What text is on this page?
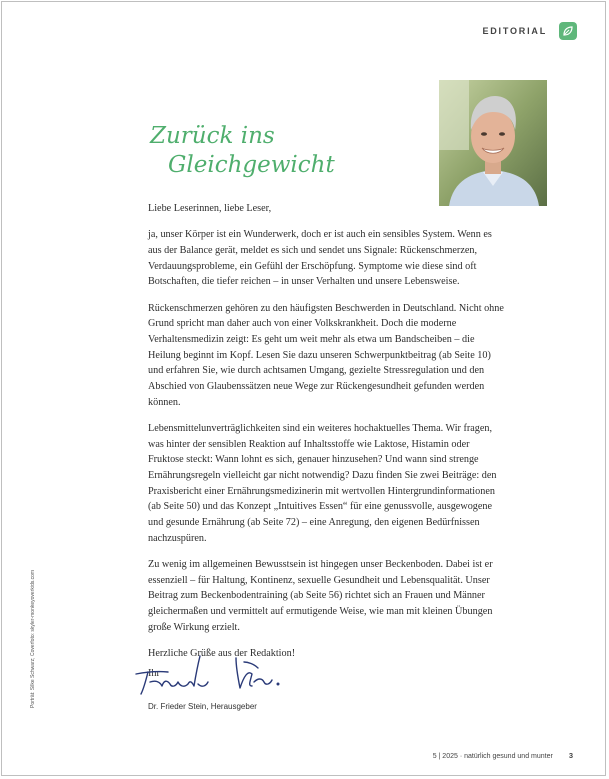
EDITORIAL
Zurück ins
Gleichgewicht

Liebe Leserinnen, liebe Leser,

ja, unser Körper ist ein Wunderwerk, doch er ist auch ein sensibles System. Wenn es aus der Balance gerät, meldet es sich und sendet uns Signale: Rückenschmerzen, Verdauungsprobleme, ein Gefühl der Erschöpfung. Symptome wie diese sind oft Botschaften, die tiefer reichen – in unser Verhalten und unsere Lebensweise.

Rückenschmerzen gehören zu den häufigsten Beschwerden in Deutschland. Nicht ohne Grund spricht man daher auch von einer Volkskrankheit. Doch die moderne Verhaltensmedizin zeigt: Es geht um weit mehr als etwa um Bandscheiben – die Heilung beginnt im Kopf. Lesen Sie dazu unseren Schwerpunktbeitrag (ab Seite 10) und erfahren Sie, wie durch achtsamen Umgang, gezielte Stressregulation und den Abschied von Glaubenssätzen neue Wege zur Rückengesundheit gefunden werden können.

Lebensmittelunverträglichkeiten sind ein weiteres hochaktuelles Thema. Wir fragen, was hinter der sensiblen Reaktion auf Inhaltsstoffe wie Laktose, Histamin oder Fruktose steckt: Wann lohnt es sich, genauer hinzusehen? Und wann sind strenge Ernährungsregeln vielleicht gar nicht notwendig? Dazu finden Sie zwei Beiträge: den Praxisbericht einer Ernährungsmedizinerin mit wertvollen Hintergrundinformationen (ab Seite 50) und das Konzept „Intuitives Essen“ für eine genussvolle, ausgewogene und gesunde Ernährung (ab Seite 72) – eine Anregung, den eigenen Bedürfnissen nachzuspüren.

Zu wenig im allgemeinen Bewusstsein ist hingegen unser Beckenboden. Dabei ist er essenziell – für Haltung, Kontinenz, sexuelle Gesundheit und Lebensqualität. Unser Beitrag zum Beckenbodentraining (ab Seite 56) richtet sich an Frauen und Männer gleichermaßen und vermittelt auf ermutigende Weise, wie man mit kleinen Übungen große Wirkung erzielt.

Herzliche Grüße aus der Redaktion!

Ihr

Dr. Frieder Stein, Herausgeber
Porträt: Silke Schwarz; Coverfoto: skyler-monkeyoverkids.com
5 | 2025 · natürlich gesund und munter 3
